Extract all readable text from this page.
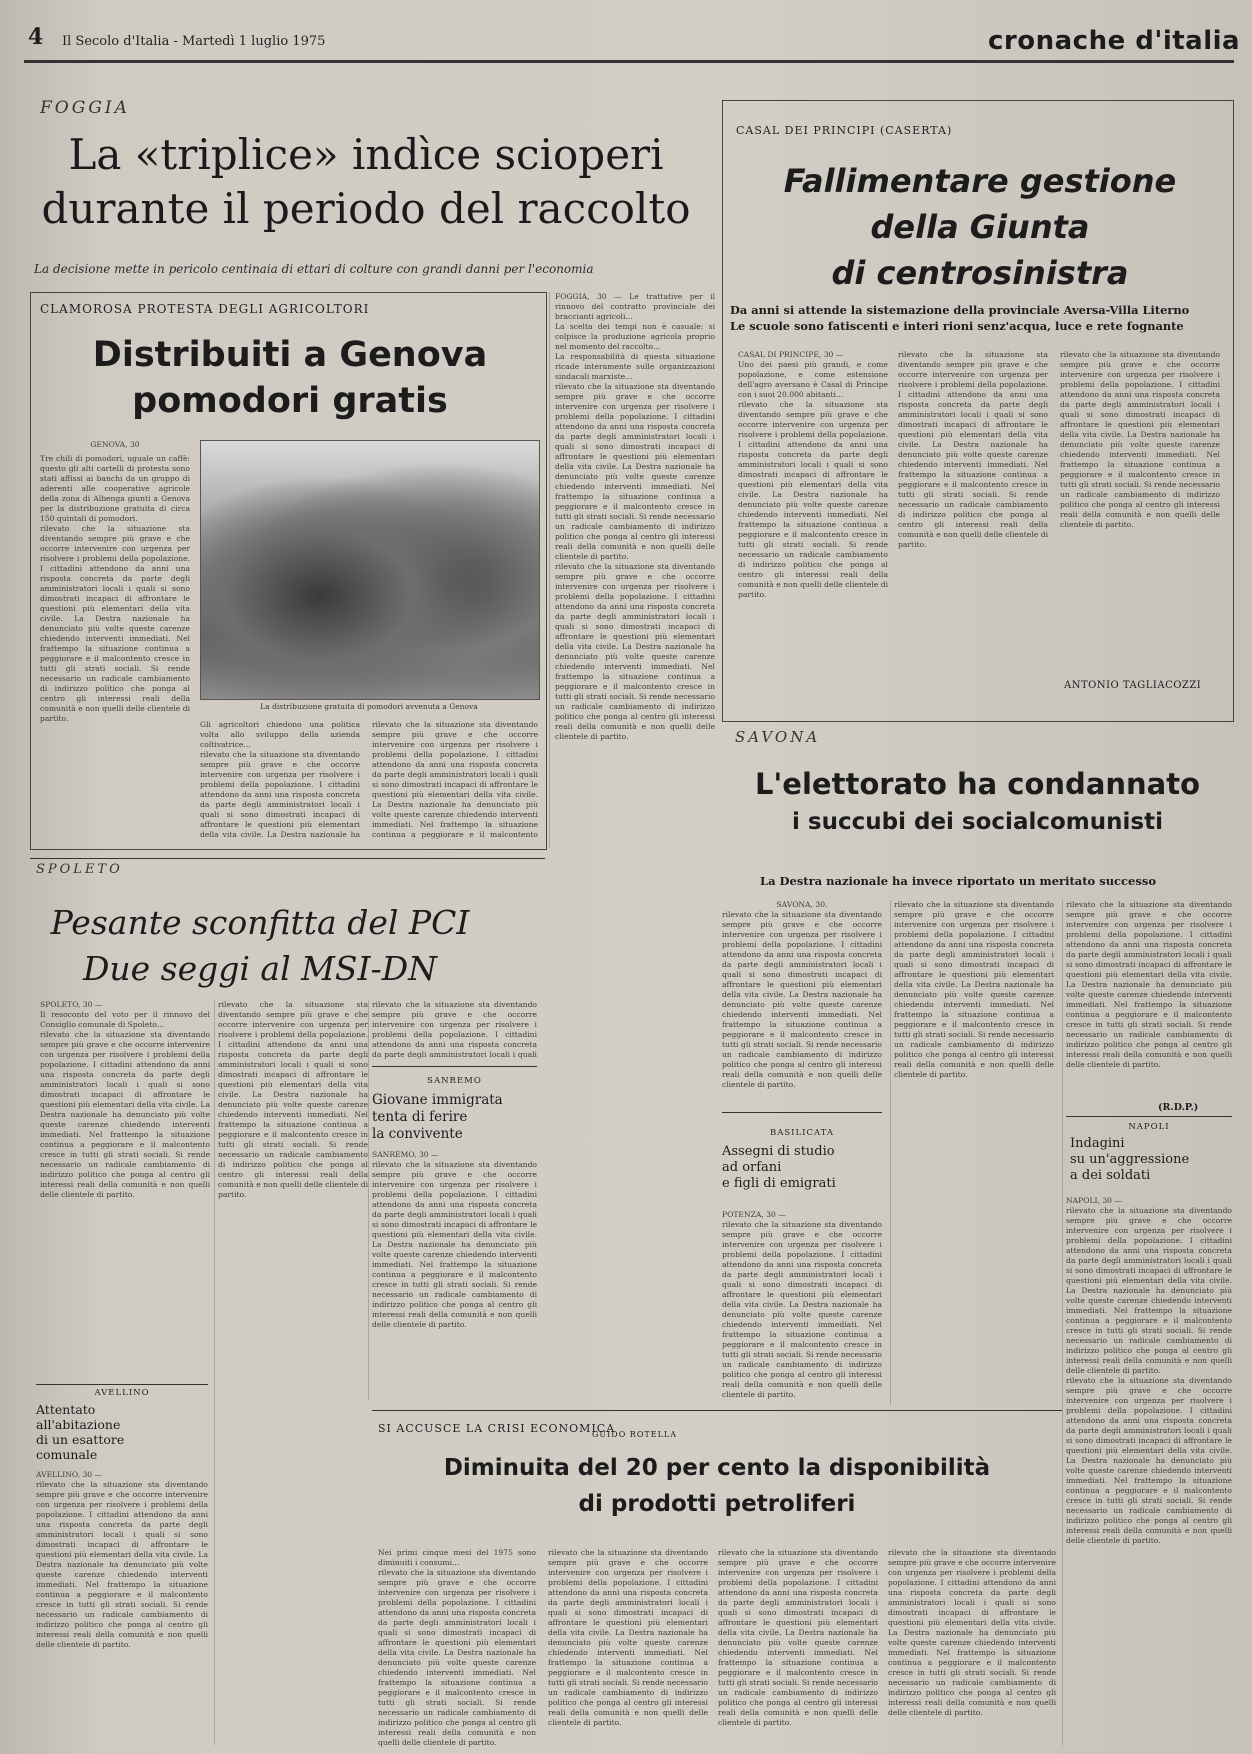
4 Il Secolo d'Italia - Martedì 1 luglio 1975	cronache d'italia
FOGGIA
La «triplice» indìce scioperi
durante il periodo del raccolto
La decisione mette in pericolo centinaia di ettari di colture con grandi danni per l'economia
CLAMOROSA PROTESTA DEGLI AGRICOLTORI
Distribuiti a Genova
pomodori gratis
GENOVA, 30
Tre chili di pomodori, uguale un caffè: questo gli alti cartelli di protesta sono stati affissi ai banchi da un gruppo di aderenti alle cooperative agricole della zona di Albenga giunti a Genova per la distribuzione gratuita di circa 150 quintali di pomodori.
rilevato che la situazione sta diventando sempre più grave e che occorre intervenire con urgenza per risolvere i problemi della popolazione. I cittadini attendono da anni una risposta concreta da parte degli amministratori locali i quali si sono dimostrati incapaci di affrontare le questioni più elementari della vita civile. La Destra nazionale ha denunciato più volte queste carenze chiedendo interventi immediati. Nel frattempo la situazione continua a peggiorare e il malcontento cresce in tutti gli strati sociali. Si rende necessario un radicale cambiamento di indirizzo politico che ponga al centro gli interessi reali della comunità e non quelli delle clientele di partito.
La distribuzione gratuita di pomodori avvenuta a Genova
Gli agricoltori chiedono una politica volta allo sviluppo della azienda coltivatrice...
rilevato che la situazione sta diventando sempre più grave e che occorre intervenire con urgenza per risolvere i problemi della popolazione. I cittadini attendono da anni una risposta concreta da parte degli amministratori locali i quali si sono dimostrati incapaci di affrontare le questioni più elementari della vita civile. La Destra nazionale ha
rilevato che la situazione sta diventando sempre più grave e che occorre intervenire con urgenza per risolvere i problemi della popolazione. I cittadini attendono da anni una risposta concreta da parte degli amministratori locali i quali si sono dimostrati incapaci di affrontare le questioni più elementari della vita civile. La Destra nazionale ha denunciato più volte queste carenze chiedendo interventi immediati. Nel frattempo la situazione continua a peggiorare e il malcontento
FOGGIA, 30 — Le trattative per il rinnovo del contratto provinciale dei braccianti agricoli...
La scelta dei tempi non è casuale: si colpisce la produzione agricola proprio nel momento del raccolto...
La responsabilità di questa situazione ricade interamente sulle organizzazioni sindacali marxiste...
rilevato che la situazione sta diventando sempre più grave e che occorre intervenire con urgenza per risolvere i problemi della popolazione. I cittadini attendono da anni una risposta concreta da parte degli amministratori locali i quali si sono dimostrati incapaci di affrontare le questioni più elementari della vita civile. La Destra nazionale ha denunciato più volte queste carenze chiedendo interventi immediati. Nel frattempo la situazione continua a peggiorare e il malcontento cresce in tutti gli strati sociali. Si rende necessario un radicale cambiamento di indirizzo politico che ponga al centro gli interessi reali della comunità e non quelli delle clientele di partito.
rilevato che la situazione sta diventando sempre più grave e che occorre intervenire con urgenza per risolvere i problemi della popolazione. I cittadini attendono da anni una risposta concreta da parte degli amministratori locali i quali si sono dimostrati incapaci di affrontare le questioni più elementari della vita civile. La Destra nazionale ha denunciato più volte queste carenze chiedendo interventi immediati. Nel frattempo la situazione continua a peggiorare e il malcontento cresce in tutti gli strati sociali. Si rende necessario un radicale cambiamento di indirizzo politico che ponga al centro gli interessi reali della comunità e non quelli delle clientele di partito.
CASAL DEI PRINCIPI (CASERTA)
Fallimentare gestione
della Giunta
di centrosinistra
Da anni si attende la sistemazione della provinciale Aversa-Villa Literno
Le scuole sono fatiscenti e interi rioni senz'acqua, luce e rete fognante
CASAL DI PRINCIPE, 30 —
Uno dei paesi più grandi, e come popolazione, e come estensione dell'agro aversano è Casal di Principe con i suoi 20.000 abitanti...
rilevato che la situazione sta diventando sempre più grave e che occorre intervenire con urgenza per risolvere i problemi della popolazione. I cittadini attendono da anni una risposta concreta da parte degli amministratori locali i quali si sono dimostrati incapaci di affrontare le questioni più elementari della vita civile. La Destra nazionale ha denunciato più volte queste carenze chiedendo interventi immediati. Nel frattempo la situazione continua a peggiorare e il malcontento cresce in tutti gli strati sociali. Si rende necessario un radicale cambiamento di indirizzo politico che ponga al centro gli interessi reali della comunità e non quelli delle clientele di partito.
rilevato che la situazione sta diventando sempre più grave e che occorre intervenire con urgenza per risolvere i problemi della popolazione. I cittadini attendono da anni una risposta concreta da parte degli amministratori locali i quali si sono dimostrati incapaci di affrontare le questioni più elementari della vita civile. La Destra nazionale ha denunciato più volte queste carenze chiedendo interventi immediati. Nel frattempo la situazione continua a peggiorare e il malcontento cresce in tutti gli strati sociali. Si rende necessario un radicale cambiamento di indirizzo politico che ponga al centro gli interessi reali della comunità e non quelli delle clientele di partito.
rilevato che la situazione sta diventando sempre più grave e che occorre intervenire con urgenza per risolvere i problemi della popolazione. I cittadini attendono da anni una risposta concreta da parte degli amministratori locali i quali si sono dimostrati incapaci di affrontare le questioni più elementari della vita civile. La Destra nazionale ha denunciato più volte queste carenze chiedendo interventi immediati. Nel frattempo la situazione continua a peggiorare e il malcontento cresce in tutti gli strati sociali. Si rende necessario un radicale cambiamento di indirizzo politico che ponga al centro gli interessi reali della comunità e non quelli delle clientele di partito.
ANTONIO TAGLIACOZZI
SAVONA
L'elettorato ha condannato
i succubi dei socialcomunisti
La Destra nazionale ha invece riportato un meritato successo
SAVONA, 30.
rilevato che la situazione sta diventando sempre più grave e che occorre intervenire con urgenza per risolvere i problemi della popolazione. I cittadini attendono da anni una risposta concreta da parte degli amministratori locali i quali si sono dimostrati incapaci di affrontare le questioni più elementari della vita civile. La Destra nazionale ha denunciato più volte queste carenze chiedendo interventi immediati. Nel frattempo la situazione continua a peggiorare e il malcontento cresce in tutti gli strati sociali. Si rende necessario un radicale cambiamento di indirizzo politico che ponga al centro gli interessi reali della comunità e non quelli delle clientele di partito.
rilevato che la situazione sta diventando sempre più grave e che occorre intervenire con urgenza per risolvere i problemi della popolazione. I cittadini attendono da anni una risposta concreta da parte degli amministratori locali i quali si sono dimostrati incapaci di affrontare le questioni più elementari della vita civile. La Destra nazionale ha denunciato più volte queste carenze chiedendo interventi immediati. Nel frattempo la situazione continua a peggiorare e il malcontento cresce in tutti gli strati sociali. Si rende necessario un radicale cambiamento di indirizzo politico che ponga al centro gli interessi reali della comunità e non quelli delle clientele di partito.
rilevato che la situazione sta diventando sempre più grave e che occorre intervenire con urgenza per risolvere i problemi della popolazione. I cittadini attendono da anni una risposta concreta da parte degli amministratori locali i quali si sono dimostrati incapaci di affrontare le questioni più elementari della vita civile. La Destra nazionale ha denunciato più volte queste carenze chiedendo interventi immediati. Nel frattempo la situazione continua a peggiorare e il malcontento cresce in tutti gli strati sociali. Si rende necessario un radicale cambiamento di indirizzo politico che ponga al centro gli interessi reali della comunità e non quelli delle clientele di partito.
(R.D.P.)
BASILICATA
Assegni di studio
ad orfani
e figli di emigrati
POTENZA, 30 —
rilevato che la situazione sta diventando sempre più grave e che occorre intervenire con urgenza per risolvere i problemi della popolazione. I cittadini attendono da anni una risposta concreta da parte degli amministratori locali i quali si sono dimostrati incapaci di affrontare le questioni più elementari della vita civile. La Destra nazionale ha denunciato più volte queste carenze chiedendo interventi immediati. Nel frattempo la situazione continua a peggiorare e il malcontento cresce in tutti gli strati sociali. Si rende necessario un radicale cambiamento di indirizzo politico che ponga al centro gli interessi reali della comunità e non quelli delle clientele di partito.
GUIDO ROTELLA
NAPOLI
Indagini
su un'aggressione
a dei soldati
NAPOLI, 30 —
rilevato che la situazione sta diventando sempre più grave e che occorre intervenire con urgenza per risolvere i problemi della popolazione. I cittadini attendono da anni una risposta concreta da parte degli amministratori locali i quali si sono dimostrati incapaci di affrontare le questioni più elementari della vita civile. La Destra nazionale ha denunciato più volte queste carenze chiedendo interventi immediati. Nel frattempo la situazione continua a peggiorare e il malcontento cresce in tutti gli strati sociali. Si rende necessario un radicale cambiamento di indirizzo politico che ponga al centro gli interessi reali della comunità e non quelli delle clientele di partito.
rilevato che la situazione sta diventando sempre più grave e che occorre intervenire con urgenza per risolvere i problemi della popolazione. I cittadini attendono da anni una risposta concreta da parte degli amministratori locali i quali si sono dimostrati incapaci di affrontare le questioni più elementari della vita civile. La Destra nazionale ha denunciato più volte queste carenze chiedendo interventi immediati. Nel frattempo la situazione continua a peggiorare e il malcontento cresce in tutti gli strati sociali. Si rende necessario un radicale cambiamento di indirizzo politico che ponga al centro gli interessi reali della comunità e non quelli delle clientele di partito.
SPOLETO
Pesante sconfitta del PCI
Due seggi al MSI-DN
SPOLETO, 30 —
Il resoconto del voto per il rinnovo del Consiglio comunale di Spoleto...
rilevato che la situazione sta diventando sempre più grave e che occorre intervenire con urgenza per risolvere i problemi della popolazione. I cittadini attendono da anni una risposta concreta da parte degli amministratori locali i quali si sono dimostrati incapaci di affrontare le questioni più elementari della vita civile. La Destra nazionale ha denunciato più volte queste carenze chiedendo interventi immediati. Nel frattempo la situazione continua a peggiorare e il malcontento cresce in tutti gli strati sociali. Si rende necessario un radicale cambiamento di indirizzo politico che ponga al centro gli interessi reali della comunità e non quelli delle clientele di partito.
rilevato che la situazione sta diventando sempre più grave e che occorre intervenire con urgenza per risolvere i problemi della popolazione. I cittadini attendono da anni una risposta concreta da parte degli amministratori locali i quali si sono dimostrati incapaci di affrontare le questioni più elementari della vita civile. La Destra nazionale ha denunciato più volte queste carenze chiedendo interventi immediati. Nel frattempo la situazione continua a peggiorare e il malcontento cresce in tutti gli strati sociali. Si rende necessario un radicale cambiamento di indirizzo politico che ponga al centro gli interessi reali della comunità e non quelli delle clientele di partito.
rilevato che la situazione sta diventando sempre più grave e che occorre intervenire con urgenza per risolvere i problemi della popolazione. I cittadini attendono da anni una risposta concreta da parte degli amministratori locali i quali
SANREMO
Giovane immigrata
tenta di ferire
la convivente
SANREMO, 30 —
rilevato che la situazione sta diventando sempre più grave e che occorre intervenire con urgenza per risolvere i problemi della popolazione. I cittadini attendono da anni una risposta concreta da parte degli amministratori locali i quali si sono dimostrati incapaci di affrontare le questioni più elementari della vita civile. La Destra nazionale ha denunciato più volte queste carenze chiedendo interventi immediati. Nel frattempo la situazione continua a peggiorare e il malcontento cresce in tutti gli strati sociali. Si rende necessario un radicale cambiamento di indirizzo politico che ponga al centro gli interessi reali della comunità e non quelli delle clientele di partito.
AVELLINO
Attentato
all'abitazione
di un esattore
comunale
AVELLINO, 30 —
rilevato che la situazione sta diventando sempre più grave e che occorre intervenire con urgenza per risolvere i problemi della popolazione. I cittadini attendono da anni una risposta concreta da parte degli amministratori locali i quali si sono dimostrati incapaci di affrontare le questioni più elementari della vita civile. La Destra nazionale ha denunciato più volte queste carenze chiedendo interventi immediati. Nel frattempo la situazione continua a peggiorare e il malcontento cresce in tutti gli strati sociali. Si rende necessario un radicale cambiamento di indirizzo politico che ponga al centro gli interessi reali della comunità e non quelli delle clientele di partito.
SI ACCUSCE LA CRISI ECONOMICA
Diminuita del 20 per cento la disponibilità
di prodotti petroliferi
Nei primi cinque mesi del 1975 sono diminuiti i consumi...
rilevato che la situazione sta diventando sempre più grave e che occorre intervenire con urgenza per risolvere i problemi della popolazione. I cittadini attendono da anni una risposta concreta da parte degli amministratori locali i quali si sono dimostrati incapaci di affrontare le questioni più elementari della vita civile. La Destra nazionale ha denunciato più volte queste carenze chiedendo interventi immediati. Nel frattempo la situazione continua a peggiorare e il malcontento cresce in tutti gli strati sociali. Si rende necessario un radicale cambiamento di indirizzo politico che ponga al centro gli interessi reali della comunità e non quelli delle clientele di partito.
rilevato che la situazione sta diventando sempre più grave e che occorre intervenire con urgenza per risolvere i problemi della popolazione. I cittadini attendono da anni una risposta concreta da parte degli amministratori locali i quali si sono dimostrati incapaci di affrontare le questioni più elementari della vita civile. La Destra nazionale ha denunciato più volte queste carenze chiedendo interventi immediati. Nel frattempo la situazione continua a peggiorare e il malcontento cresce in tutti gli strati sociali. Si rende necessario un radicale cambiamento di indirizzo politico che ponga al centro gli interessi reali della comunità e non quelli delle clientele di partito.
rilevato che la situazione sta diventando sempre più grave e che occorre intervenire con urgenza per risolvere i problemi della popolazione. I cittadini attendono da anni una risposta concreta da parte degli amministratori locali i quali si sono dimostrati incapaci di affrontare le questioni più elementari della vita civile. La Destra nazionale ha denunciato più volte queste carenze chiedendo interventi immediati. Nel frattempo la situazione continua a peggiorare e il malcontento cresce in tutti gli strati sociali. Si rende necessario un radicale cambiamento di indirizzo politico che ponga al centro gli interessi reali della comunità e non quelli delle clientele di partito.
rilevato che la situazione sta diventando sempre più grave e che occorre intervenire con urgenza per risolvere i problemi della popolazione. I cittadini attendono da anni una risposta concreta da parte degli amministratori locali i quali si sono dimostrati incapaci di affrontare le questioni più elementari della vita civile. La Destra nazionale ha denunciato più volte queste carenze chiedendo interventi immediati. Nel frattempo la situazione continua a peggiorare e il malcontento cresce in tutti gli strati sociali. Si rende necessario un radicale cambiamento di indirizzo politico che ponga al centro gli interessi reali della comunità e non quelli delle clientele di partito.
